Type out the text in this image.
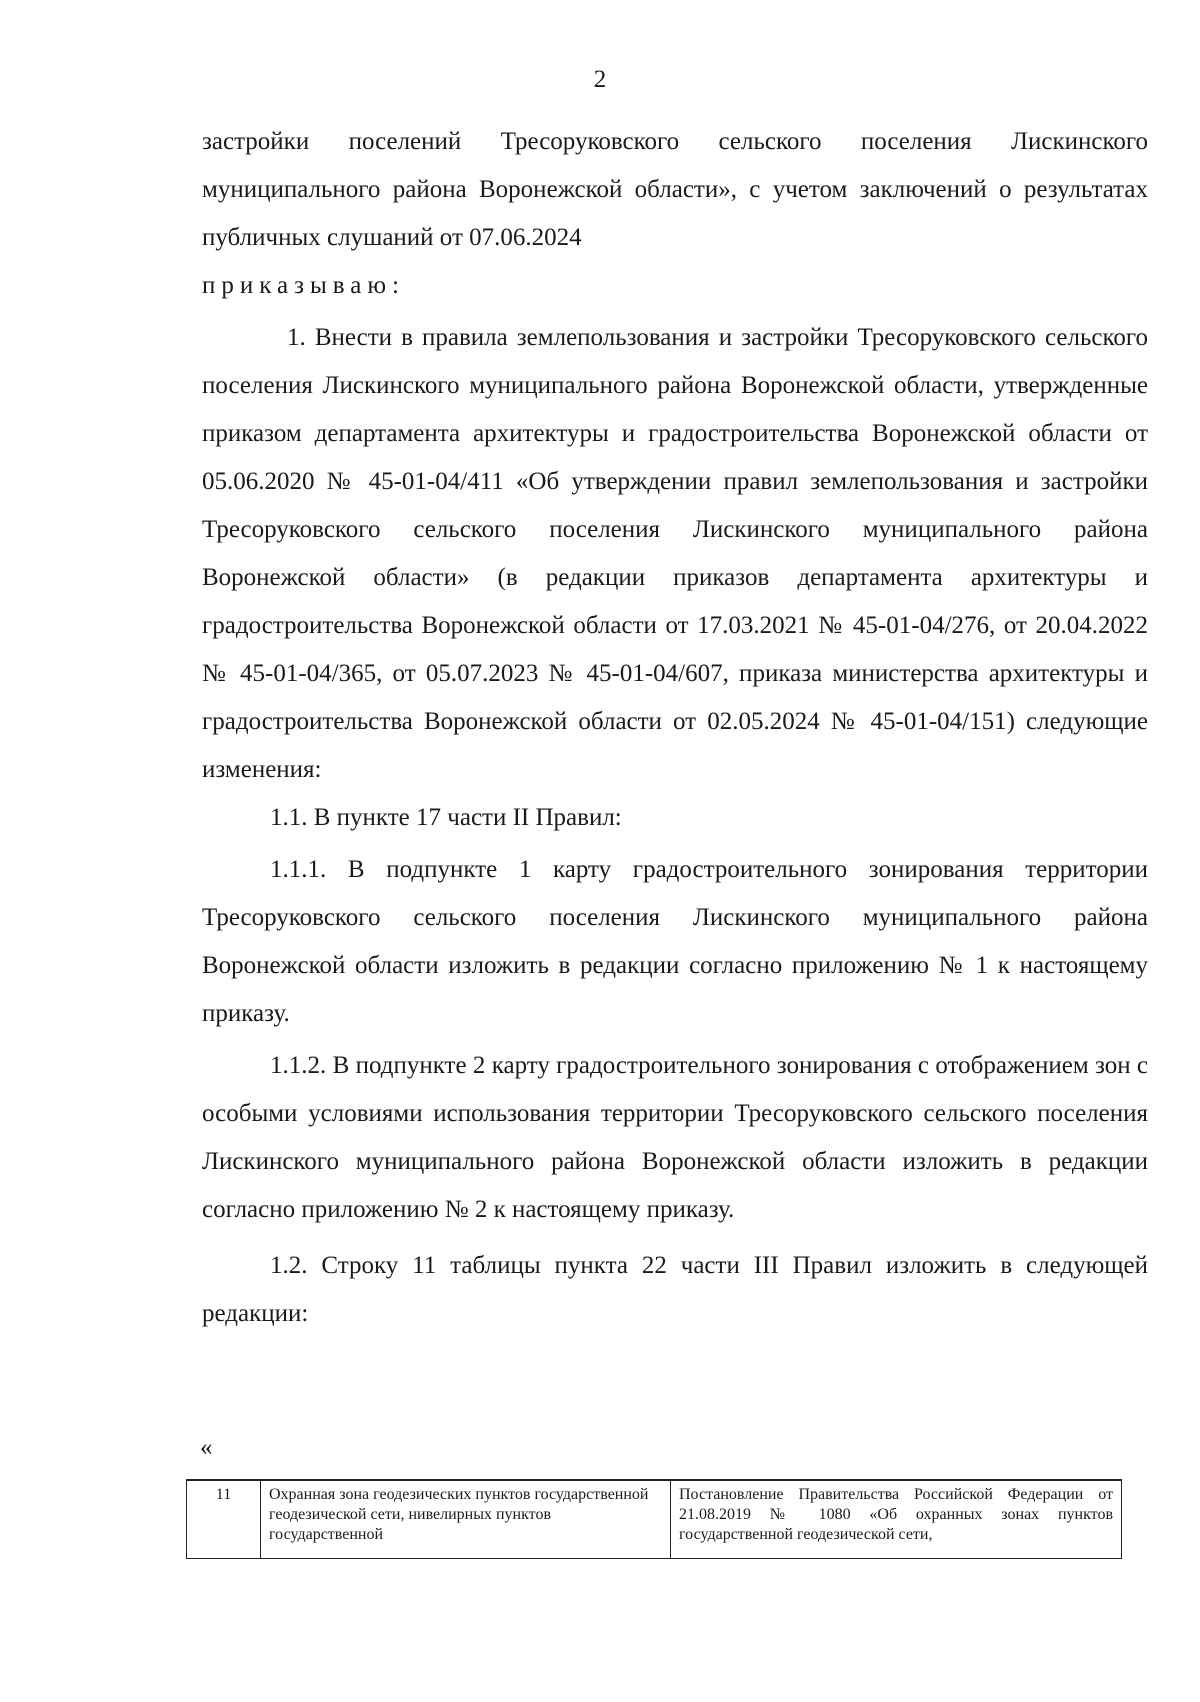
2

застройки поселений Тресоруковского сельского поселения Лискинского муниципального района Воронежской области», с учетом заключений о результатах публичных слушаний от 07.06.2024

приказываю:

1. Внести в правила землепользования и застройки Тресоруковского сельского поселения Лискинского муниципального района Воронежской области, утвержденные приказом департамента архитектуры и градостроительства Воронежской области от 05.06.2020 № 45-01-04/411 «Об утверждении правил землепользования и застройки Тресоруковского сельского поселения Лискинского муниципального района Воронежской области» (в редакции приказов департамента архитектуры и градостроительства Воронежской области от 17.03.2021 № 45-01-04/276, от 20.04.2022 № 45-01-04/365, от 05.07.2023 № 45-01-04/607, приказа министерства архитектуры и градостроительства Воронежской области от 02.05.2024 № 45-01-04/151) следующие изменения:

1.1. В пункте 17 части II Правил:

1.1.1. В подпункте 1 карту градостроительного зонирования территории Тресоруковского сельского поселения Лискинского муниципального района Воронежской области изложить в редакции согласно приложению № 1 к настоящему приказу.

1.1.2. В подпункте 2 карту градостроительного зонирования с отображением зон с особыми условиями использования территории Тресоруковского сельского поселения Лискинского муниципального района Воронежской области изложить в редакции согласно приложению № 2 к настоящему приказу.

1.2. Строку 11 таблицы пункта 22 части III Правил изложить в следующей редакции:

«
11	Охранная зона геодезических пунктов государственной геодезической сети, нивелирных пунктов государственной
Постановление Правительства Российской Федерации от 21.08.2019 № 1080 «Об охранных зонах пунктов государственной геодезической сети,
